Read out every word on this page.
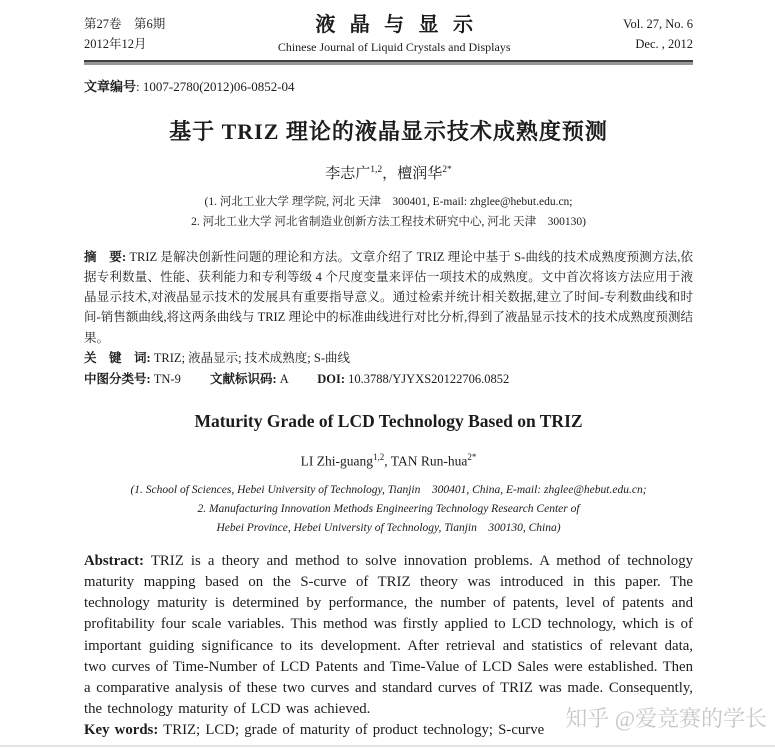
第27卷　第6期
2012年12月
液晶与显示
Chinese Journal of Liquid Crystals and Displays
Vol. 27, No. 6
Dec. , 2012
文章编号: 1007-2780(2012)06-0852-04
基于 TRIZ 理论的液晶显示技术成熟度预测
李志广$^{1,2}$，檀润华$^{2*}$
(1. 河北工业大学 理学院, 河北 天津　300401, E-mail: zhglee@hebut.edu.cn;
2. 河北工业大学 河北省制造业创新方法工程技术研究中心, 河北 天津　300130)
摘　要: TRIZ 是解决创新性问题的理论和方法。文章介绍了 TRIZ 理论中基于 S-曲线的技术成熟度预测方法,依据专利数量、性能、获利能力和专利等级 4 个尺度变量来评估一项技术的成熟度。文中首次将该方法应用于液晶显示技术,对液晶显示技术的发展具有重要指导意义。通过检索并统计相关数据,建立了时间-专利数曲线和时间-销售额曲线,将这两条曲线与 TRIZ 理论中的标准曲线进行对比分析,得到了液晶显示技术的技术成熟度预测结果。
关　键　词: TRIZ; 液晶显示; 技术成熟度; S-曲线
中图分类号: TN-9 文献标识码: A DOI: 10.3788/YJYXS20122706.0852
Maturity Grade of LCD Technology Based on TRIZ
LI Zhi-guang$^{1,2}$, TAN Run-hua$^{2*}$
(1. School of Sciences, Hebei University of Technology, Tianjin　300401, China, E-mail: zhglee@hebut.edu.cn;
2. Manufacturing Innovation Methods Engineering Technology Research Center of
Hebei Province, Hebei University of Technology, Tianjin　300130, China)
Abstract: TRIZ is a theory and method to solve innovation problems. A method of technology maturity mapping based on the S-curve of TRIZ theory was introduced in this paper. The technology maturity is determined by performance, the number of patents, level of patents and profitability four scale variables. This method was firstly applied to LCD technology, which is of important guiding significance to its development. After retrieval and statistics of relevant data, two curves of Time-Number of LCD Patents and Time-Value of LCD Sales were established. Then a comparative analysis of these two curves and standard curves of TRIZ was made. Consequently, the technology maturity of LCD was achieved.
Key words: TRIZ; LCD; grade of maturity of product technology; S-curve 知乎 @爱竞赛的学长
